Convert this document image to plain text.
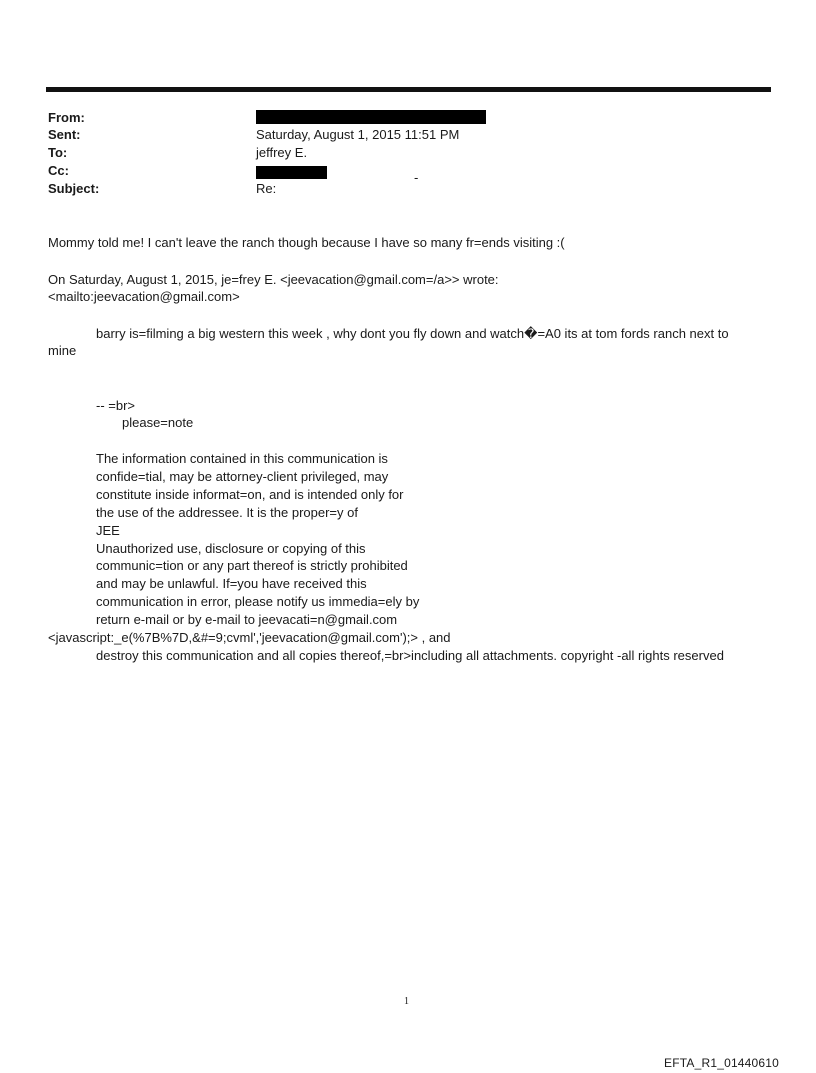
From:
Sent:
To:
Cc:
Subject:
Saturday, August 1, 2015 11:51 PM
jeffrey E.
-
Re:
Mommy told me! I can't leave the ranch though because I have so many fr=ends visiting :(
On Saturday, August 1, 2015, je=frey E. <jeevacation@gmail.com=/a>> wrote:
<mailto:jeevacation@gmail.com>
barry is=filming a big western this week , why dont you fly down and watch�=A0 its at tom fords ranch next to
mine
-- =br>
please=note
The information contained in this communication is
confide=tial, may be attorney-client privileged, may
constitute inside informat=on, and is intended only for
the use of the addressee. It is the proper=y of
JEE
Unauthorized use, disclosure or copying of this
communic=tion or any part thereof is strictly prohibited
and may be unlawful. If=you have received this
communication in error, please notify us immedia=ely by
return e-mail or by e-mail to jeevacati=n@gmail.com
<javascript:_e(%7B%7D,&#=9;cvml','jeevacation@gmail.com');> , and
destroy this communication and all copies thereof,=br>including all attachments. copyright -all rights reserved
1
EFTA_R1_01440610
